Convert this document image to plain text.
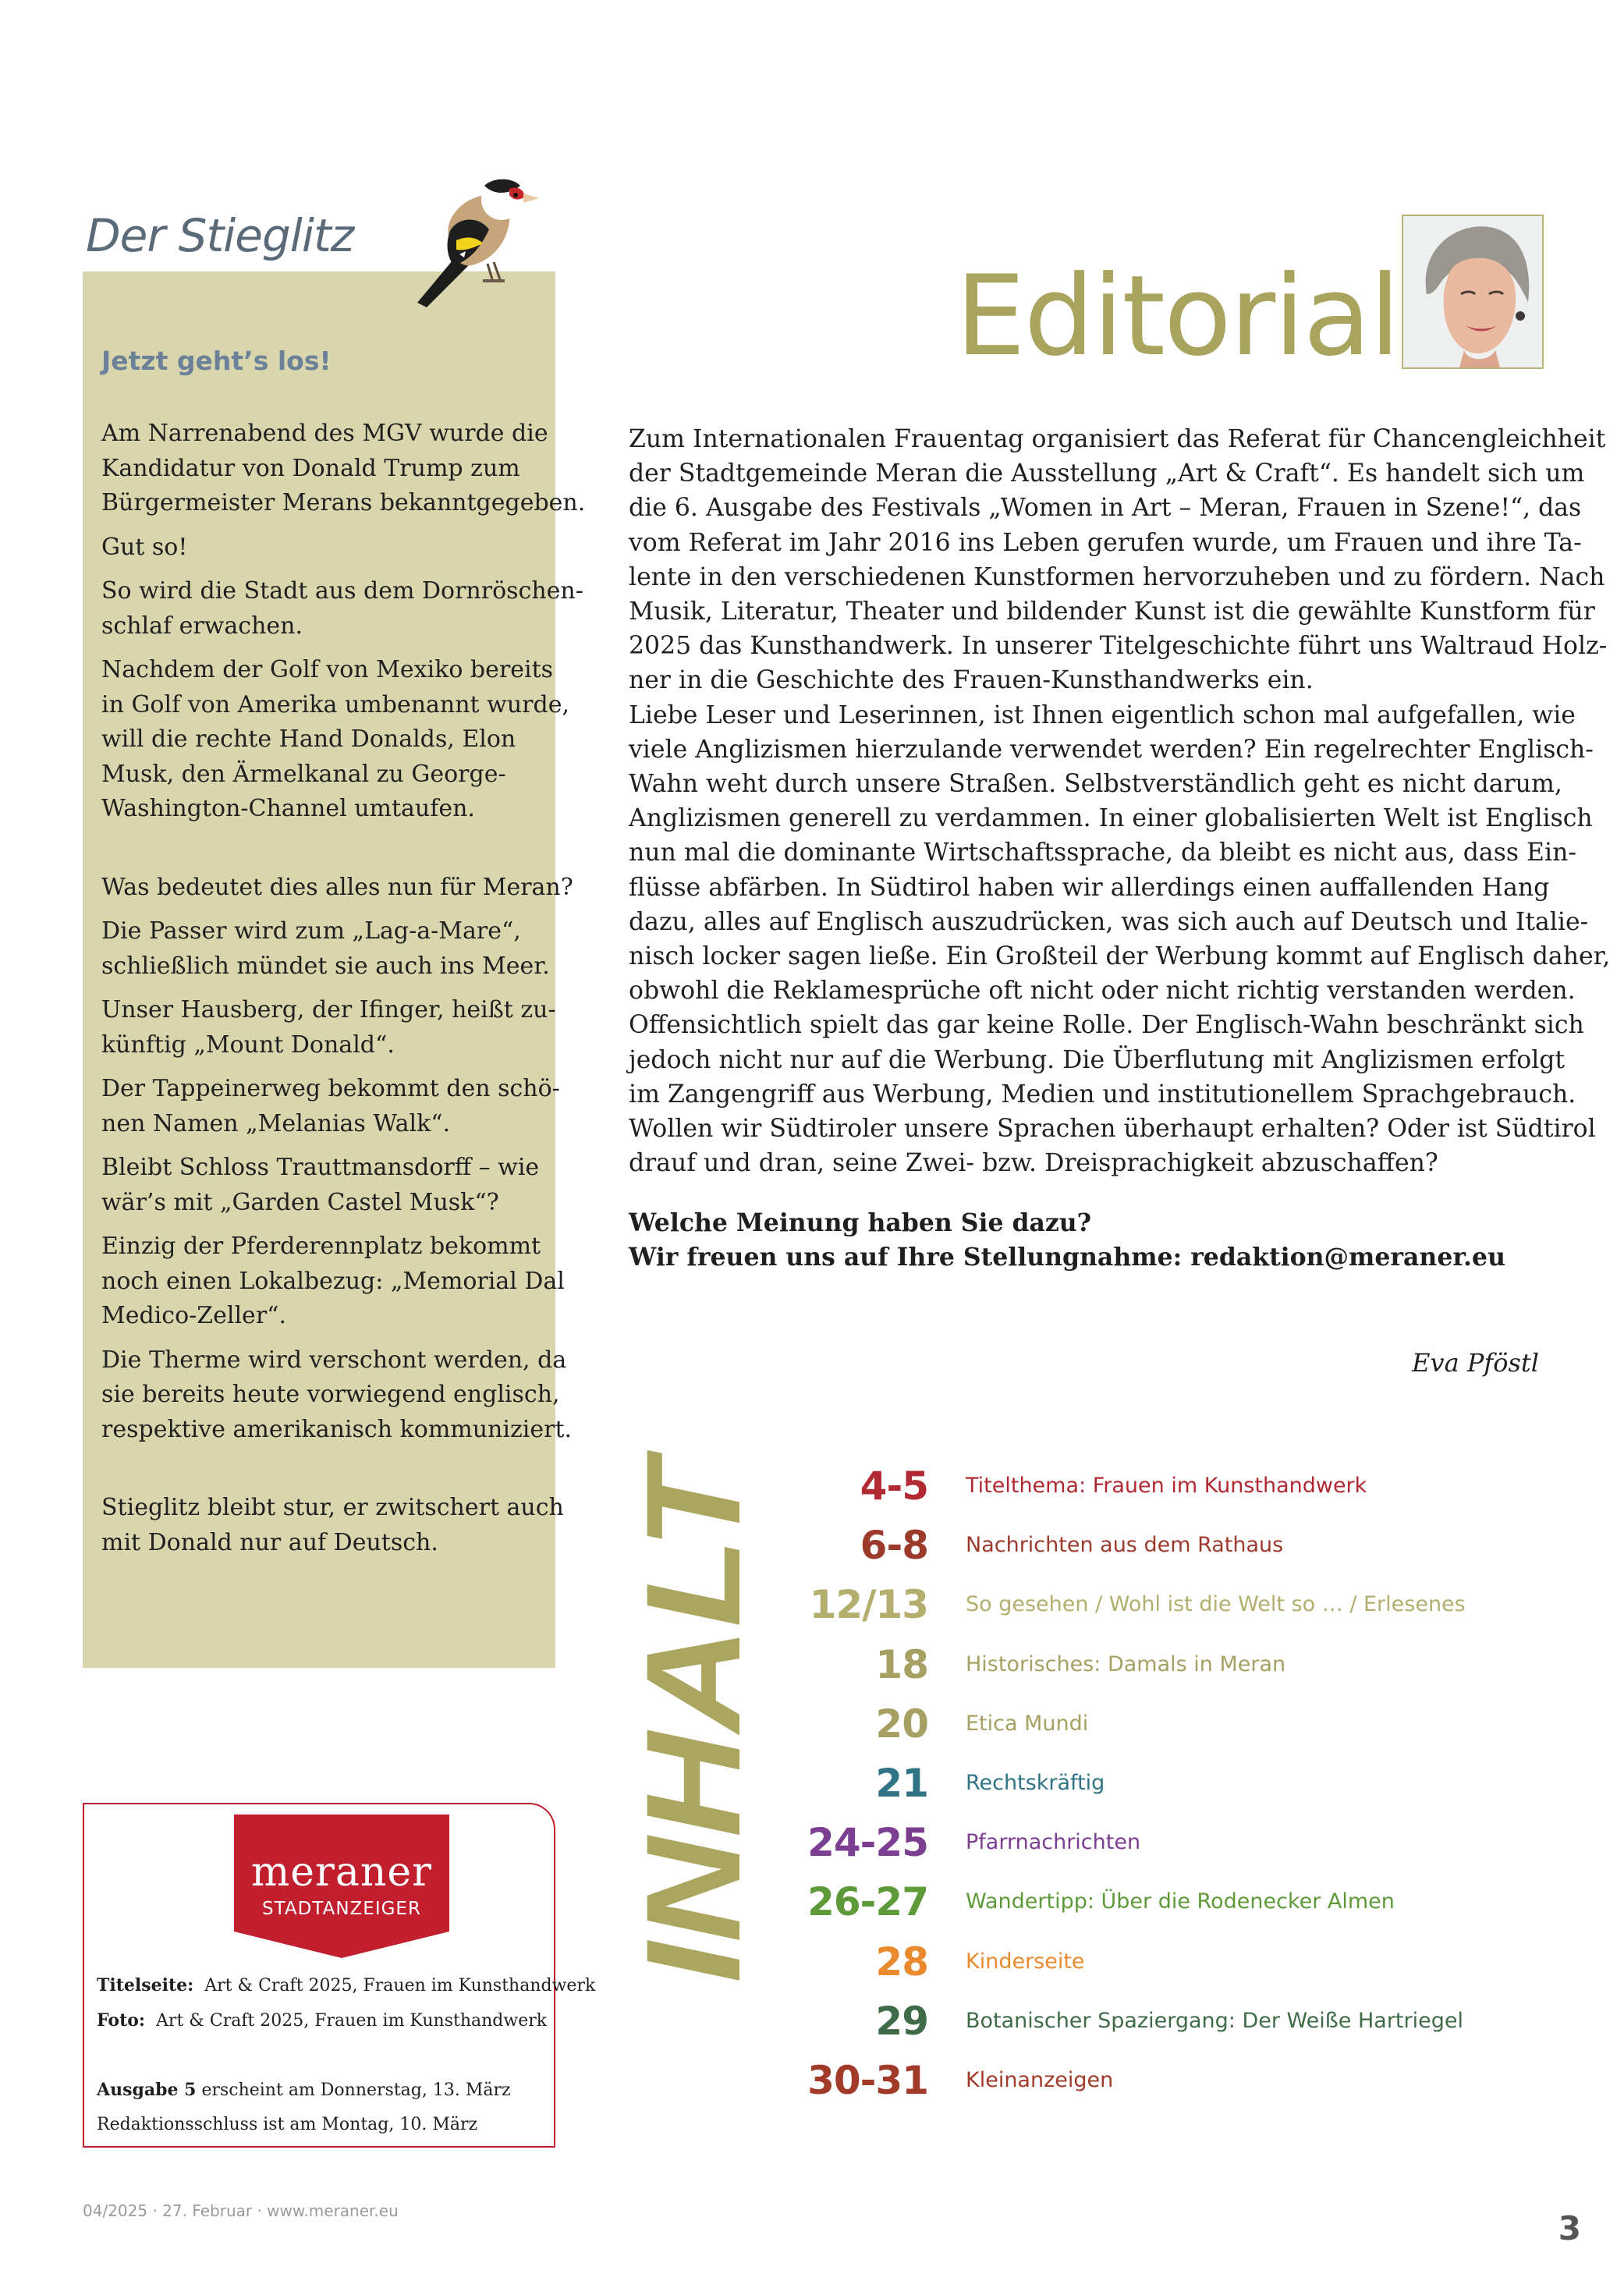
Der Stieglitz
Jetzt geht’s los!

Am Narrenabend des MGV wurde die
Kandidatur von Donald Trump zum
Bürgermeister Merans bekanntgegeben.

Gut so!

So wird die Stadt aus dem Dornröschen-
schlaf erwachen.

Nachdem der Golf von Mexiko bereits
in Golf von Amerika umbenannt wurde,
will die rechte Hand Donalds, Elon
Musk, den Ärmelkanal zu George-
Washington-Channel umtaufen.

Was bedeutet dies alles nun für Meran?

Die Passer wird zum „Lag-a-Mare“,
schließlich mündet sie auch ins Meer.

Unser Hausberg, der Ifinger, heißt zu-
künftig „Mount Donald“.

Der Tappeinerweg bekommt den schö-
nen Namen „Melanias Walk“.

Bleibt Schloss Trauttmansdorff – wie
wär’s mit „Garden Castel Musk“?

Einzig der Pferderennplatz bekommt
noch einen Lokalbezug: „Memorial Dal
Medico-Zeller“.

Die Therme wird verschont werden, da
sie bereits heute vorwiegend englisch,
respektive amerikanisch kommuniziert.

Stieglitz bleibt stur, er zwitschert auch
mit Donald nur auf Deutsch.

Editorial
Zum Internationalen Frauentag organisiert das Referat für Chancengleichheit
der Stadtgemeinde Meran die Ausstellung „Art & Craft“. Es handelt sich um
die 6. Ausgabe des Festivals „Women in Art – Meran, Frauen in Szene!“, das
vom Referat im Jahr 2016 ins Leben gerufen wurde, um Frauen und ihre Ta-
lente in den verschiedenen Kunstformen hervorzuheben und zu fördern. Nach
Musik, Literatur, Theater und bildender Kunst ist die gewählte Kunstform für
2025 das Kunsthandwerk. In unserer Titelgeschichte führt uns Waltraud Holz-
ner in die Geschichte des Frauen-Kunsthandwerks ein.
Liebe Leser und Leserinnen, ist Ihnen eigentlich schon mal aufgefallen, wie
viele Anglizismen hierzulande verwendet werden? Ein regelrechter Englisch-
Wahn weht durch unsere Straßen. Selbstverständlich geht es nicht darum,
Anglizismen generell zu verdammen. In einer globalisierten Welt ist Englisch
nun mal die dominante Wirtschaftssprache, da bleibt es nicht aus, dass Ein-
flüsse abfärben. In Südtirol haben wir allerdings einen auffallenden Hang
dazu, alles auf Englisch auszudrücken, was sich auch auf Deutsch und Italie-
nisch locker sagen ließe. Ein Großteil der Werbung kommt auf Englisch daher,
obwohl die Reklamesprüche oft nicht oder nicht richtig verstanden werden.
Offensichtlich spielt das gar keine Rolle. Der Englisch-Wahn beschränkt sich
jedoch nicht nur auf die Werbung. Die Überflutung mit Anglizismen erfolgt
im Zangengriff aus Werbung, Medien und institutionellem Sprachgebrauch.
Wollen wir Südtiroler unsere Sprachen überhaupt erhalten? Oder ist Südtirol
drauf und dran, seine Zwei- bzw. Dreisprachigkeit abzuschaffen?
Welche Meinung haben Sie dazu?
Wir freuen uns auf Ihre Stellungnahme: redaktion@meraner.eu
Eva Pföstl
INHALT
4-5 Titelthema: Frauen im Kunsthandwerk
6-8 Nachrichten aus dem Rathaus
12/13 So gesehen / Wohl ist die Welt so … / Erlesenes
18 Historisches: Damals in Meran
20 Etica Mundi
21 Rechtskräftig
24-25 Pfarrnachrichten
26-27 Wandertipp: Über die Rodenecker Almen
28 Kinderseite
29 Botanischer Spaziergang: Der Weiße Hartriegel
30-31 Kleinanzeigen
meraner
STADTANZEIGER
Titelseite: Art & Craft 2025, Frauen im Kunsthandwerk
Foto: Art & Craft 2025, Frauen im Kunsthandwerk
Ausgabe 5 erscheint am Donnerstag, 13. März
Redaktionsschluss ist am Montag, 10. März
04/2025 · 27. Februar · www.meraner.eu	3
